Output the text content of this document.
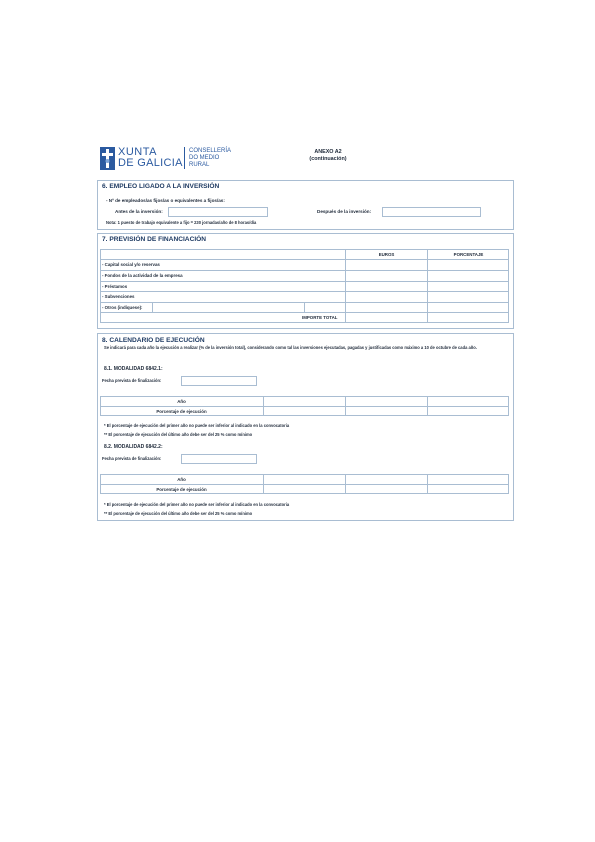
XUNTA
DE GALICIA
CONSELLERÍA
DO MEDIO
RURAL
ANEXO A2
(continuación)
6. EMPLEO LIGADO A LA INVERSIÓN
- Nº de empleados/as fijos/as o equivalentes a fijos/as:
Antes de la inversión:	Después de la inversión:
Nota: 1 puesto de trabajo equivalente a fijo = 230 jornadas/año de 8 horas/día
7. PREVISIÓN DE FINANCIACIÓN
EUROS	PORCENTAJE
- Capital social y/o reservas
- Fondos de la actividad de la empresa
- Préstamos
- Subvenciones
- Otros (indíquese):
IMPORTE TOTAL
8. CALENDARIO DE EJECUCIÓN
Se indicará para cada año la ejecución a realizar (% de la inversión total), considerando como tal las inversiones ejecutadas, pagadas y justificadas como máximo a 10 de octubre de cada año.
8.1. MODALIDAD 6842.1:
Fecha prevista de finalización:
Año
Porcentaje de ejecución
* El porcentaje de ejecución del primer año no puede ser inferior al indicado en la convocatoria
** El porcentaje de ejecución del último año debe ser del 25 % como mínimo
8.2. MODALIDAD 6842.2:
Fecha prevista de finalización:
Año
Porcentaje de ejecución
* El porcentaje de ejecución del primer año no puede ser inferior al indicado en la convocatoria
** El porcentaje de ejecución del último año debe ser del 25 % como mínimo
